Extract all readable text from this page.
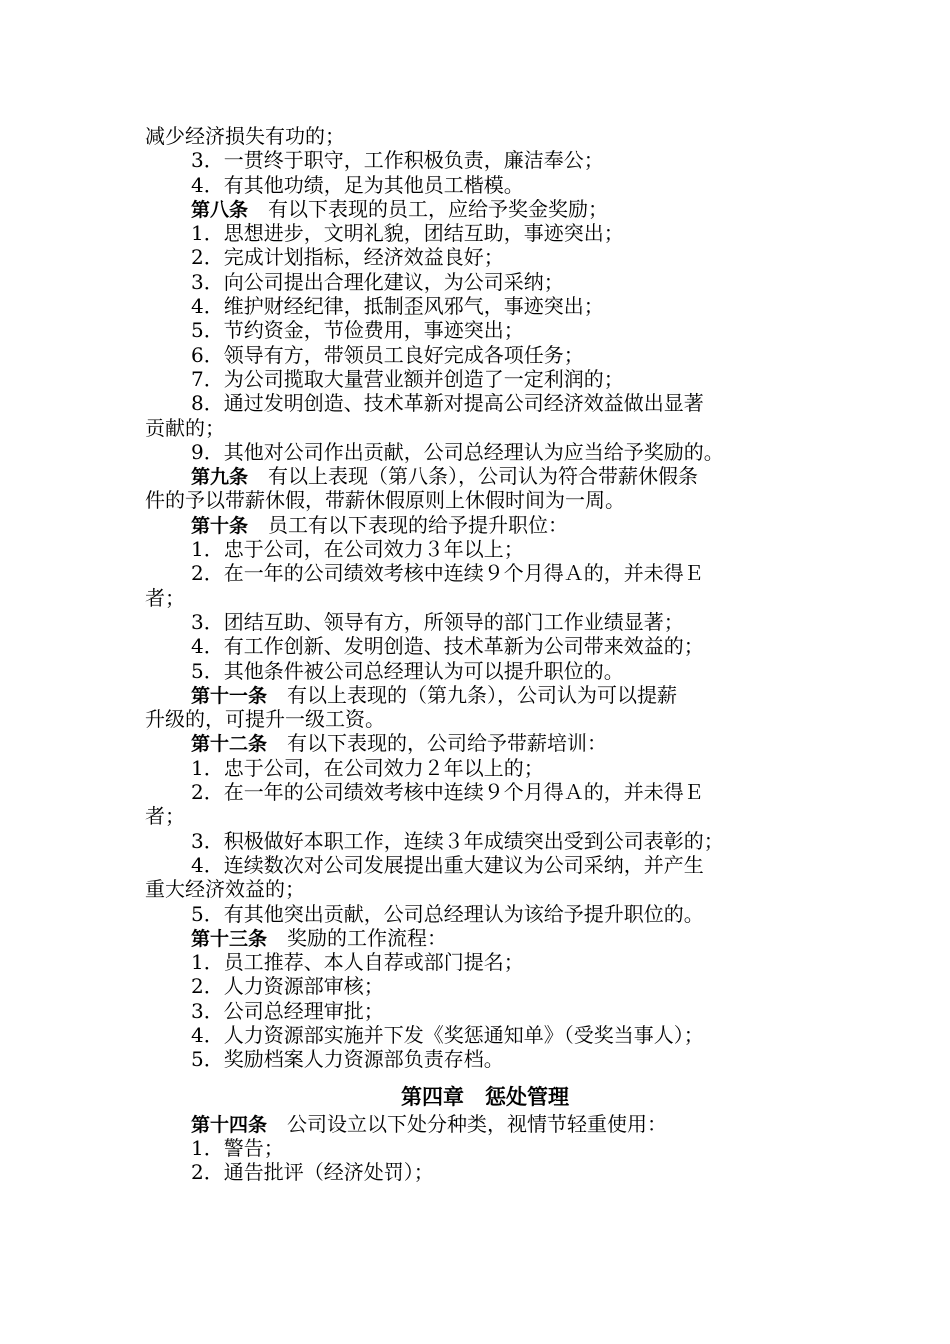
减少经济损失有功的；
3．一贯终于职守，工作积极负责，廉洁奉公；
4．有其他功绩，足为其他员工楷模。
第八条 有以下表现的员工，应给予奖金奖励；
1．思想进步，文明礼貌，团结互助，事迹突出；
2．完成计划指标，经济效益良好；
3．向公司提出合理化建议，为公司采纳；
4．维护财经纪律，抵制歪风邪气，事迹突出；
5．节约资金，节俭费用，事迹突出；
6．领导有方，带领员工良好完成各项任务；
7．为公司揽取大量营业额并创造了一定利润的；
8．通过发明创造、技术革新对提高公司经济效益做出显著
贡献的；
9．其他对公司作出贡献，公司总经理认为应当给予奖励的。
第九条 有以上表现（第八条），公司认为符合带薪休假条
件的予以带薪休假，带薪休假原则上休假时间为一周。
第十条 员工有以下表现的给予提升职位：
1．忠于公司，在公司效力３年以上；
2．在一年的公司绩效考核中连续９个月得Ａ的，并未得Ｅ
者；
3．团结互助、领导有方，所领导的部门工作业绩显著；
4．有工作创新、发明创造、技术革新为公司带来效益的；
5．其他条件被公司总经理认为可以提升职位的。
第十一条 有以上表现的（第九条），公司认为可以提薪
升级的，可提升一级工资。
第十二条 有以下表现的，公司给予带薪培训：
1．忠于公司，在公司效力２年以上的；
2．在一年的公司绩效考核中连续９个月得Ａ的，并未得Ｅ
者；
3．积极做好本职工作，连续３年成绩突出受到公司表彰的；
4．连续数次对公司发展提出重大建议为公司采纳，并产生
重大经济效益的；
5．有其他突出贡献，公司总经理认为该给予提升职位的。
第十三条 奖励的工作流程：
1．员工推荐、本人自荐或部门提名；
2．人力资源部审核；
3．公司总经理审批；
4．人力资源部实施并下发《奖惩通知单》（受奖当事人）；
5．奖励档案人力资源部负责存档。
第四章　惩处管理
第十四条 公司设立以下处分种类，视情节轻重使用：
1．警告；
2．通告批评（经济处罚）；
